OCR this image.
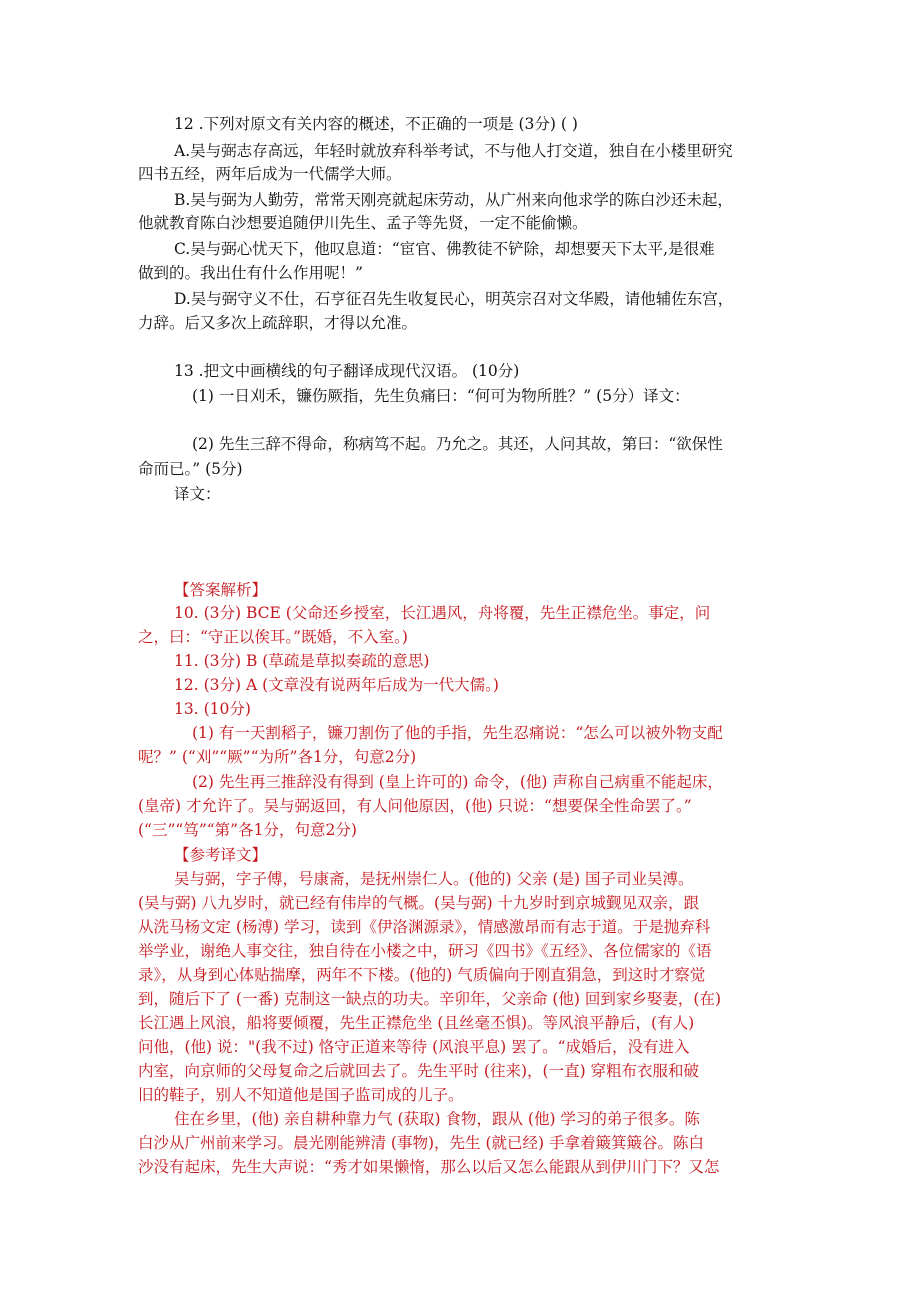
12 .下列对原文有关内容的概述，不正确的一项是 (3分) ( )
A.吴与弼志存高远，年轻时就放弃科举考试，不与他人打交道，独自在小楼里研究
四书五经，两年后成为一代儒学大师。
B.吴与弼为人勤劳，常常天刚亮就起床劳动，从广州来向他求学的陈白沙还未起，
他就教育陈白沙想要追随伊川先生、孟子等先贤，一定不能偷懒。
C.吴与弼心忧天下，他叹息道：“宦官、佛教徒不铲除，却想要天下太平,是很难
做到的。我出仕有什么作用呢！”
D.吴与弼守义不仕，石亨征召先生收复民心，明英宗召对文华殿，请他辅佐东宫，
力辞。后又多次上疏辞职，才得以允准。
13 .把文中画横线的句子翻译成现代汉语。 (10分)
(1) 一日刈禾，镰伤厥指，先生负痛曰：“何可为物所胜？” (5分）译文：
(2) 先生三辞不得命，称病笃不起。乃允之。其还，人问其故，第曰：“欲保性
命而已。” (5分)
译文：
【答案解析】
10. (3分) BCE (父命还乡授室，长江遇风，舟将覆，先生正襟危坐。事定，问
之，曰：“守正以俟耳。”既婚，不入室。)
11. (3分) B (草疏是草拟奏疏的意思)
12. (3分) A (文章没有说两年后成为一代大儒。)
13. (10分)
(1) 有一天割稻子，镰刀割伤了他的手指，先生忍痛说：“怎么可以被外物支配
呢？” (“刈”“厥”“为所”各1分，句意2分)
(2) 先生再三推辞没有得到 (皇上许可的) 命令，(他) 声称自己病重不能起床，
(皇帝) 才允许了。吴与弼返回，有人问他原因，(他) 只说：“想要保全性命罢了。”
(“三”“笃”“第”各1分，句意2分)
【参考译文】
吴与弼，字子傅，号康斋，是抚州崇仁人。(他的) 父亲 (是) 国子司业吴溥。
(吴与弼) 八九岁时，就已经有伟岸的气概。(吴与弼) 十九岁时到京城觐见双亲，跟
从洗马杨文定 (杨溥) 学习，读到《伊洛渊源录》，情感激昂而有志于道。于是抛弃科
举学业，谢绝人事交往，独自待在小楼之中，研习《四书》《五经》、各位儒家的《语
录》，从身到心体贴揣摩，两年不下楼。(他的) 气质偏向于刚直狷急，到这时才察觉
到，随后下了 (一番) 克制这一缺点的功夫。辛卯年，父亲命 (他) 回到家乡娶妻，(在)
长江遇上风浪，船将要倾覆，先生正襟危坐 (且丝毫丕惧)。等风浪平静后，(有人)
问他，(他) 说："(我不过) 恪守正道来等待 (风浪平息) 罢了。“成婚后，没有进入
内室，向京师的父母复命之后就回去了。先生平时 (往来)，(一直) 穿粗布衣服和破
旧的鞋子，别人不知道他是国子监司成的儿子。
住在乡里，(他) 亲自耕种靠力气 (获取) 食物，跟从 (他) 学习的弟子很多。陈
白沙从广州前来学习。晨光刚能辨清 (事物)，先生 (就已经) 手拿着簸箕簸谷。陈白
沙没有起床，先生大声说：“秀才如果懒惰，那么以后又怎么能跟从到伊川门下？又怎
